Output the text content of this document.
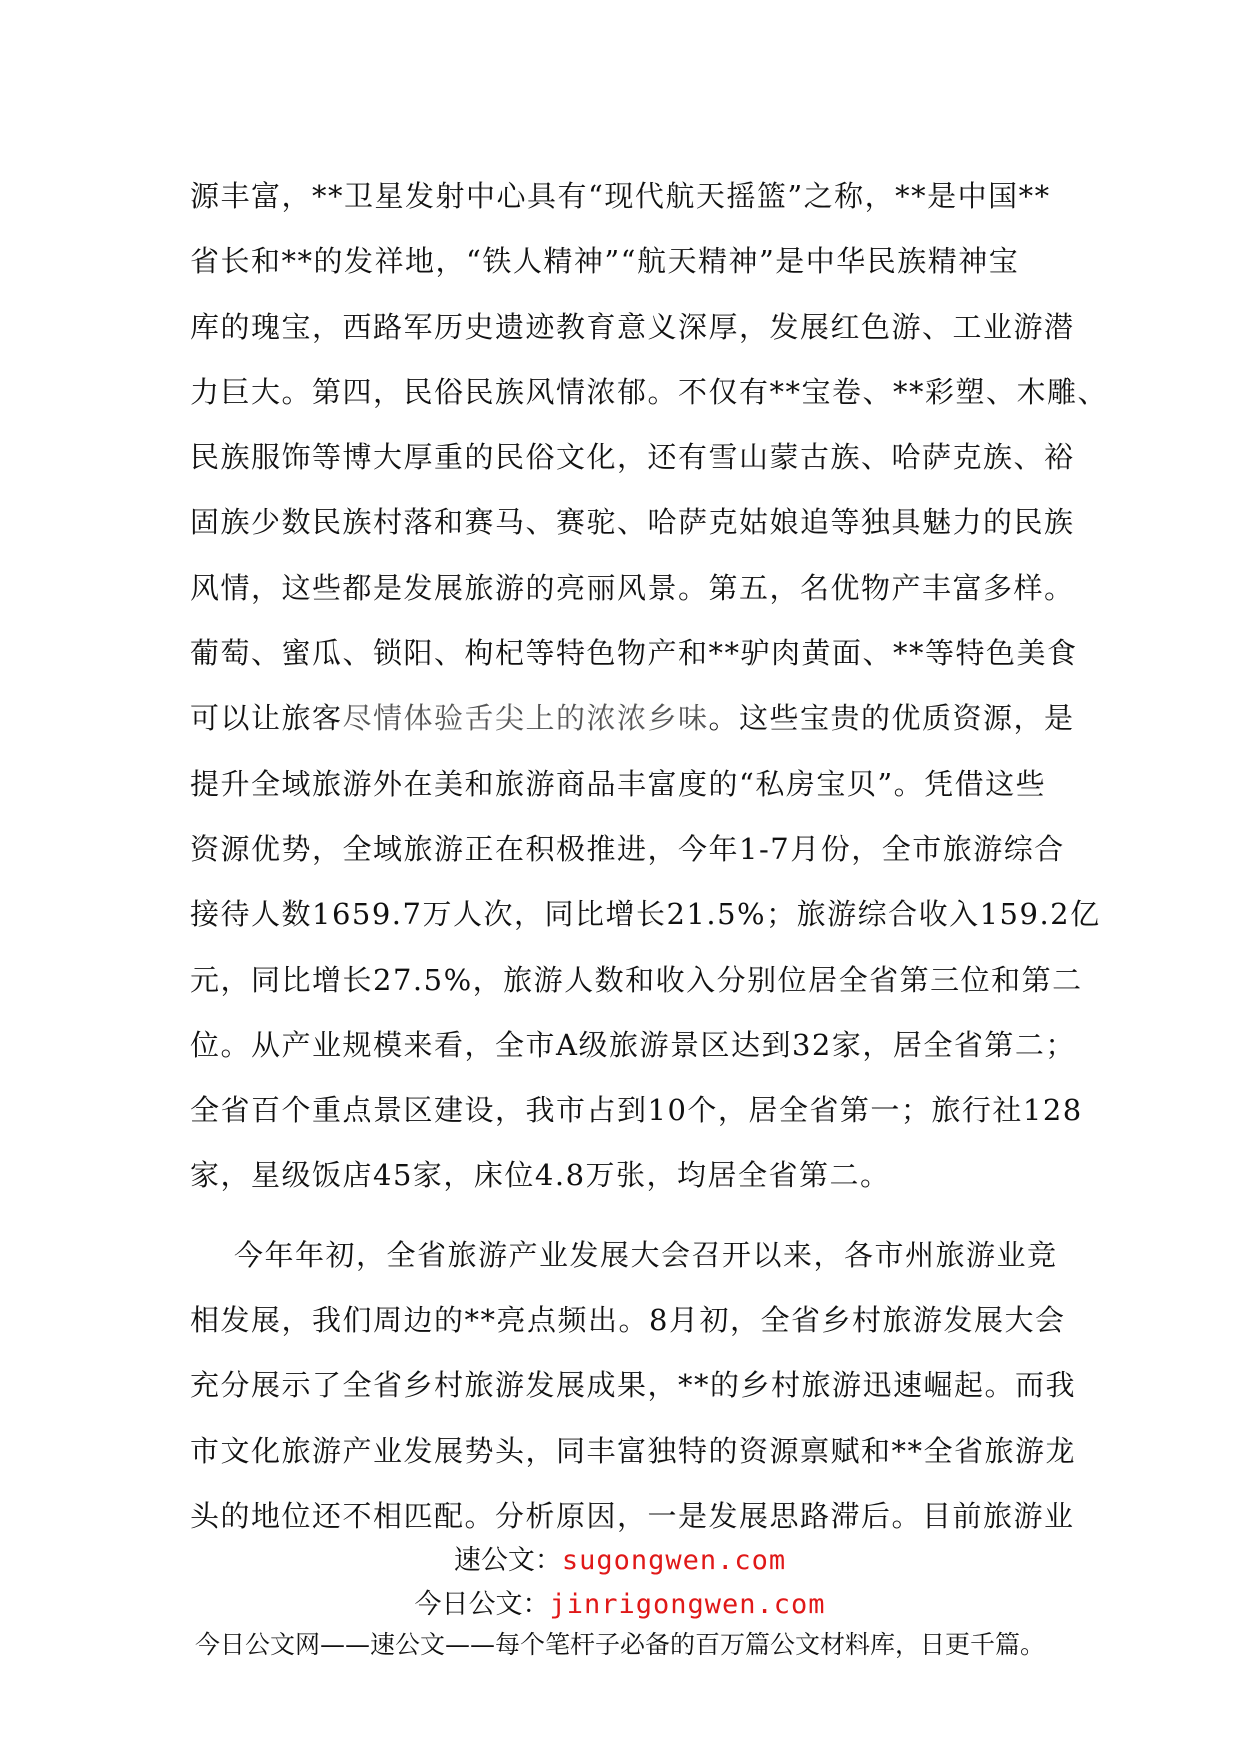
源丰富，**卫星发射中心具有“现代航天摇篮”之称，**是中国**
省长和**的发祥地，“铁人精神”“航天精神”是中华民族精神宝
库的瑰宝，西路军历史遗迹教育意义深厚，发展红色游、工业游潜
力巨大。第四，民俗民族风情浓郁。不仅有**宝卷、**彩塑、木雕、
民族服饰等博大厚重的民俗文化，还有雪山蒙古族、哈萨克族、裕
固族少数民族村落和赛马、赛驼、哈萨克姑娘追等独具魅力的民族
风情，这些都是发展旅游的亮丽风景。第五，名优物产丰富多样。
葡萄、蜜瓜、锁阳、枸杞等特色物产和**驴肉黄面、**等特色美食
可以让旅客尽情体验舌尖上的浓浓乡味。这些宝贵的优质资源，是
提升全域旅游外在美和旅游商品丰富度的“私房宝贝”。凭借这些
资源优势，全域旅游正在积极推进，今年1-7月份，全市旅游综合
接待人数1659.7万人次，同比增长21.5%；旅游综合收入159.2亿
元，同比增长27.5%，旅游人数和收入分别位居全省第三位和第二
位。从产业规模来看，全市A级旅游景区达到32家，居全省第二；
全省百个重点景区建设，我市占到10个，居全省第一；旅行社128
家，星级饭店45家，床位4.8万张，均居全省第二。
今年年初，全省旅游产业发展大会召开以来，各市州旅游业竞
相发展，我们周边的**亮点频出。8月初，全省乡村旅游发展大会
充分展示了全省乡村旅游发展成果，**的乡村旅游迅速崛起。而我
市文化旅游产业发展势头，同丰富独特的资源禀赋和**全省旅游龙
头的地位还不相匹配。分析原因，一是发展思路滞后。目前旅游业
速公文：sugongwen.com
今日公文：jinrigongwen.com
今日公文网——速公文——每个笔杆子必备的百万篇公文材料库，日更千篇。
